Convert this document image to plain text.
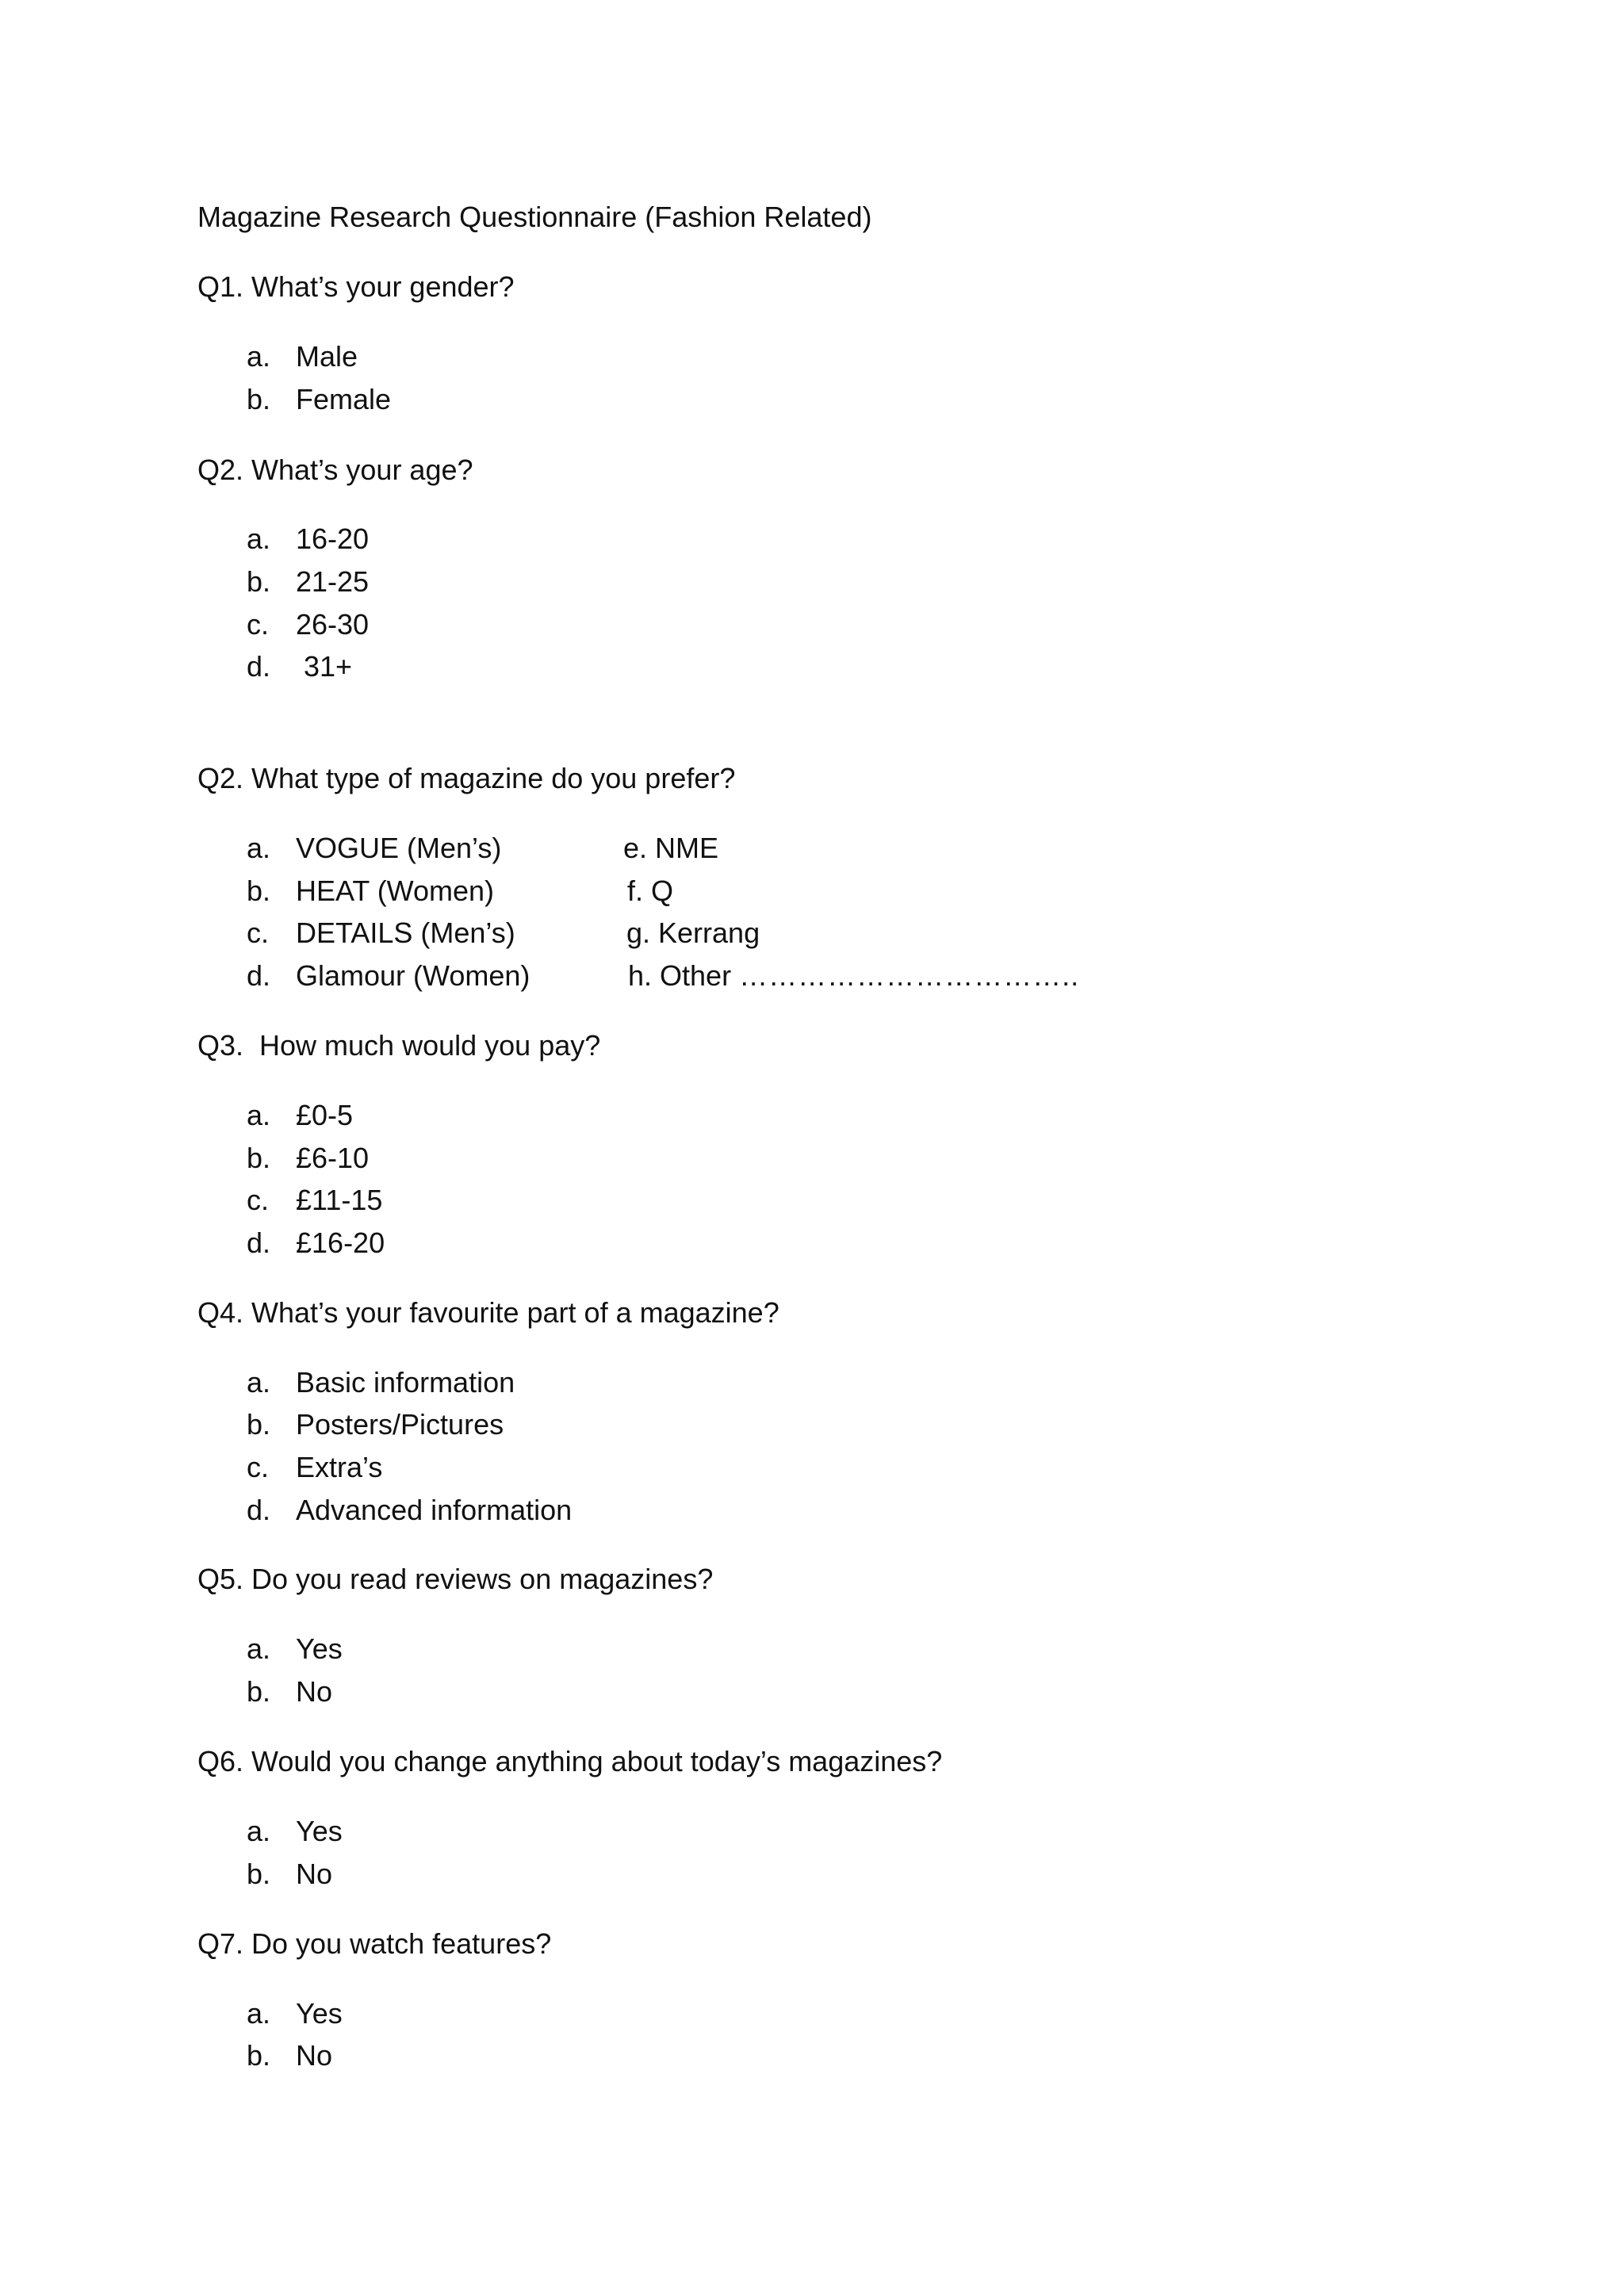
Magazine Research Questionnaire (Fashion Related)
Q1. What’s your gender?
a. Male
b. Female
Q2. What’s your age?
a. 16-20
b. 21-25
c. 26-30
d. 31+
Q2. What type of magazine do you prefer?
a. VOGUE (Men’s)	e. NME
b. HEAT (Women)	f. Q
c. DETAILS (Men’s)	g. Kerrang
d. Glamour (Women)	h. Other ……………………………..
Q3.  How much would you pay?
a. £0-5
b. £6-10
c. £11-15
d. £16-20
Q4. What’s your favourite part of a magazine?
a. Basic information
b. Posters/Pictures
c. Extra’s
d. Advanced information
Q5. Do you read reviews on magazines?
a. Yes
b. No
Q6. Would you change anything about today’s magazines?
a. Yes
b. No
Q7. Do you watch features?
a. Yes
b. No
